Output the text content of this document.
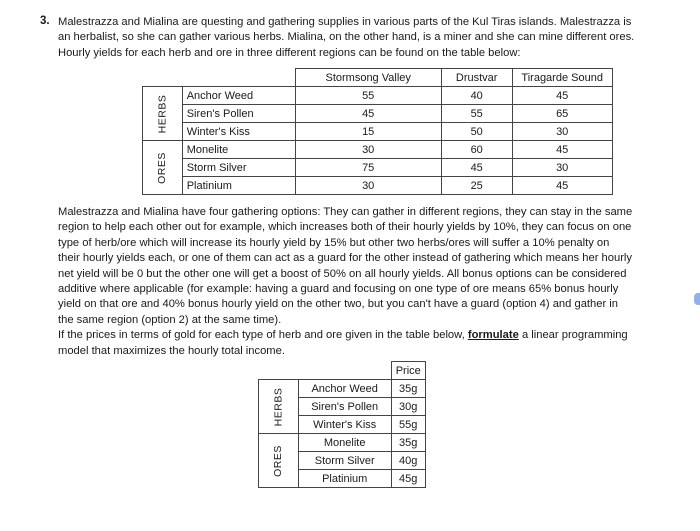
3. Malestrazza and Mialina are questing and gathering supplies in various parts of the Kul Tiras islands. Malestrazza is
an herbalist, so she can gather various herbs. Mialina, on the other hand, is a miner and she can mine different ores.
Hourly yields for each herb and ore in three different regions can be found on the table below:

		Stormsong Valley	Drustvar	Tiragarde Sound
HERBS	Anchor Weed	55	40	45
	Siren's Pollen	45	55	65
	Winter's Kiss	15	50	30
ORES	Monelite	30	60	45
	Storm Silver	75	45	30
	Platinium	30	25	45

Malestrazza and Mialina have four gathering options: They can gather in different regions, they can stay in the same
region to help each other out for example, which increases both of their hourly yields by 10%, they can focus on one
type of herb/ore which will increase its hourly yield by 15% but other two herbs/ores will suffer a 10% penalty on
their hourly yields each, or one of them can act as a guard for the other instead of gathering which means her hourly
net yield will be 0 but the other one will get a boost of 50% on all hourly yields. All bonus options can be considered
additive where applicable (for example: having a guard and focusing on one type of ore means 65% bonus hourly
yield on that ore and 40% bonus hourly yield on the other two, but you can't have a guard (option 4) and gather in
the same region (option 2) at the same time).
If the prices in terms of gold for each type of herb and ore given in the table below, formulate a linear programming
model that maximizes the hourly total income.

		Price
HERBS	Anchor Weed	35g
	Siren's Pollen	30g
	Winter's Kiss	55g
ORES	Monelite	35g
	Storm Silver	40g
	Platinium	45g
